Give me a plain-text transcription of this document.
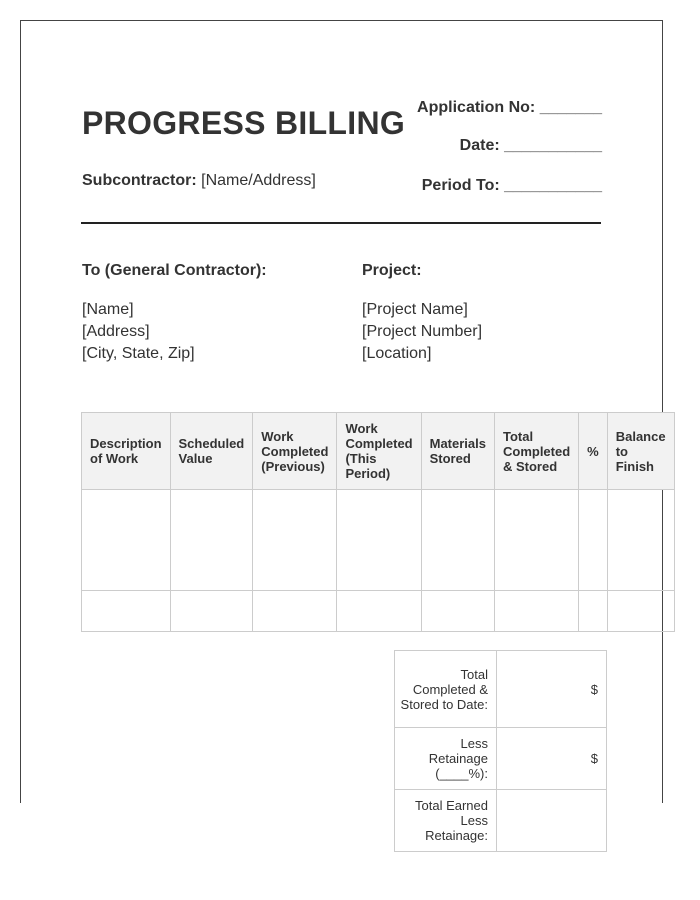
PROGRESS BILLING
Subcontractor: [Name/Address]
Application No: _______
Date: ___________
Period To: ___________
To (General Contractor):
[Name]
[Address]
[City, State, Zip]
Project:
[Project Name]
[Project Number]
[Location]
Description of Work	Scheduled Value	Work Completed (Previous)	Work Completed (This Period)	Materials Stored	Total Completed & Stored	%	Balance to Finish

Total Completed & Stored to Date:	$
Less Retainage (____%):	$
Total Earned Less Retainage:	
